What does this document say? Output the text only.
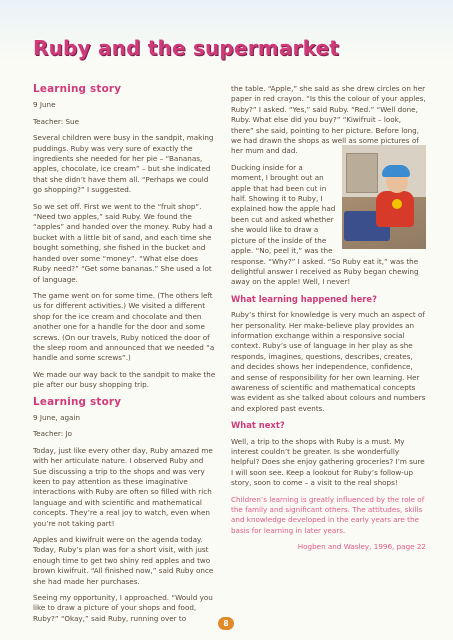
Ruby and the supermarket
Learning story

9 June

Teacher: Sue

Several children were busy in the sandpit, making puddings. Ruby was very sure of exactly the ingredients she needed for her pie – “Bananas, apples, chocolate, ice cream” – but she indicated that she didn’t have them all. “Perhaps we could go shopping?” I suggested.

So we set off. First we went to the “fruit shop”. “Need two apples,” said Ruby. We found the “apples” and handed over the money. Ruby had a bucket with a little bit of sand, and each time she bought something, she fished in the bucket and handed over some “money”. “What else does Ruby need?” “Get some bananas.” She used a lot of language.

The game went on for some time. (The others left us for different activities.) We visited a different shop for the ice cream and chocolate and then another one for a handle for the door and some screws. (On our travels, Ruby noticed the door of the sleep room and announced that we needed “a handle and some screws”.)

We made our way back to the sandpit to make the pie after our busy shopping trip.

Learning story

9 June, again

Teacher: Jo

Today, just like every other day, Ruby amazed me with her articulate nature. I observed Ruby and Sue discussing a trip to the shops and was very keen to pay attention as these imaginative interactions with Ruby are often so filled with rich language and with scientific and mathematical concepts. They’re a real joy to watch, even when you’re not taking part!

Apples and kiwifruit were on the agenda today. Today, Ruby’s plan was for a short visit, with just enough time to get two shiny red apples and two brown kiwifruit. “All finished now,” said Ruby once she had made her purchases.

Seeing my opportunity, I approached. “Would you like to draw a picture of your shops and food, Ruby?” “Okay,” said Ruby, running over to

the table. “Apple,” she said as she drew circles on her paper in red crayon. “Is this the colour of your apples, Ruby?” I asked. “Yes,” said Ruby. “Red.” “Well done, Ruby. What else did you buy?” “Kiwifruit – look, there” she said, pointing to her picture. Before long, we had drawn the shops as well as some pictures of her mum and dad.

Ducking inside for a moment, I brought out an apple that had been cut in half. Showing it to Ruby, I explained how the apple had been cut and asked whether she would like to draw a picture of the inside of the apple. “No, peel it,” was the response. “Why?” I asked. “So Ruby eat it,” was the delightful answer I received as Ruby began chewing away on the apple! Well, I never!

What learning happened here?

Ruby’s thirst for knowledge is very much an aspect of her personality. Her make-believe play provides an information exchange within a responsive social context. Ruby’s use of language in her play as she responds, imagines, questions, describes, creates, and decides shows her independence, confidence, and sense of responsibility for her own learning. Her awareness of scientific and mathematical concepts was evident as she talked about colours and numbers and explored past events.

What next?

Well, a trip to the shops with Ruby is a must. My interest couldn’t be greater. Is she wonderfully helpful? Does she enjoy gathering groceries? I’m sure I will soon see. Keep a lookout for Ruby’s follow-up story, soon to come – a visit to the real shops!

Children’s learning is greatly influenced by the role of the family and significant others. The attitudes, skills and knowledge developed in the early years are the basis for learning in later years.

Hogben and Wasley, 1996, page 22

8
